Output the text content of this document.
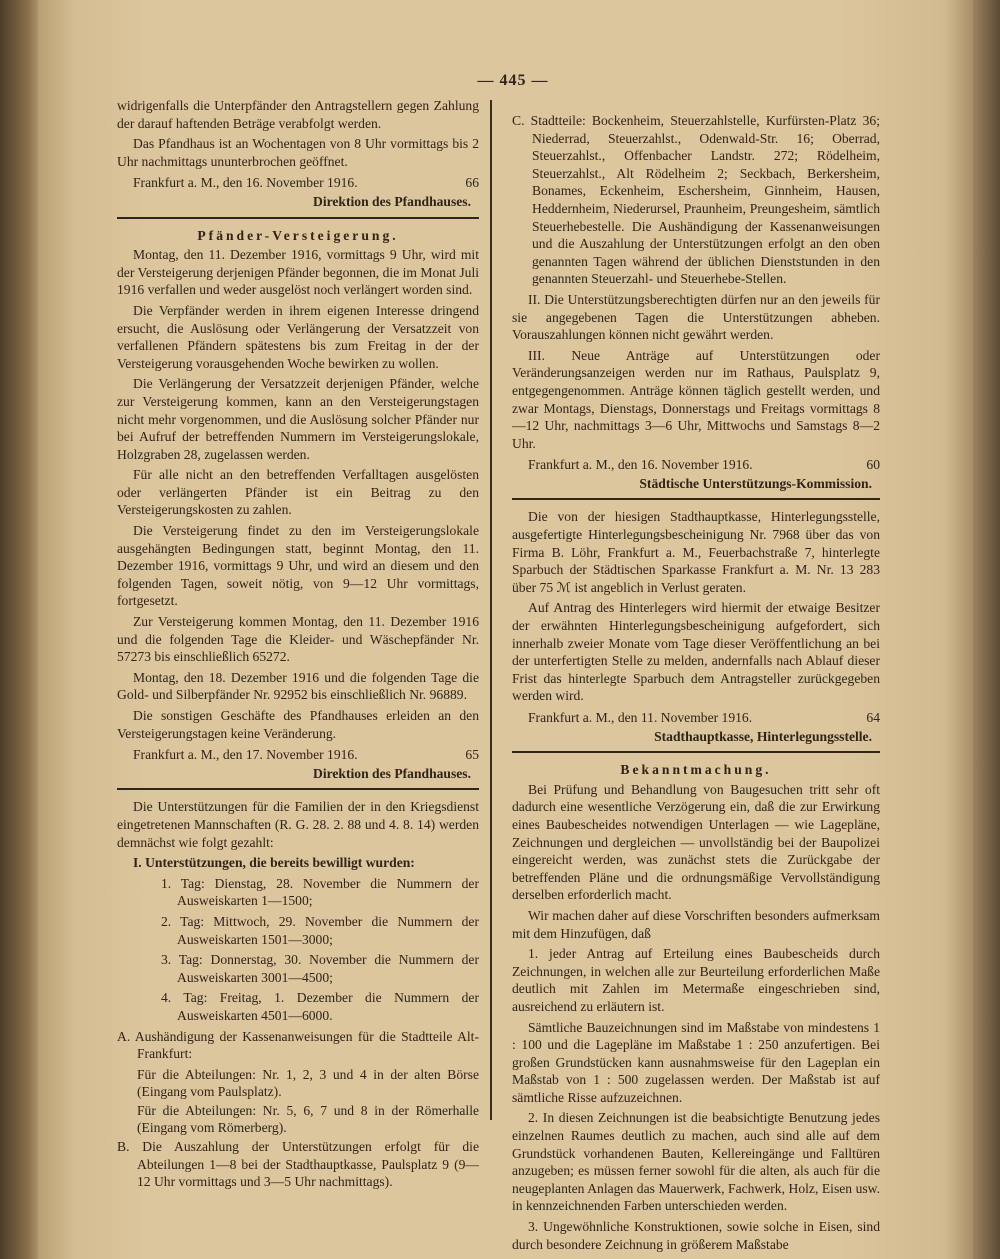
— 445 —

widrigenfalls die Unterpfänder den Antragstellern gegen Zahlung der darauf haftenden Beträge verabfolgt werden.

Das Pfandhaus ist an Wochentagen von 8 Uhr vormittags bis 2 Uhr nachmittags ununterbrochen geöffnet.

Frankfurt a. M., den 16. November 1916.	66

Direktion des Pfandhauses.

Pfänder-Versteigerung.

Montag, den 11. Dezember 1916, vormittags 9 Uhr, wird mit der Versteigerung derjenigen Pfänder begonnen, die im Monat Juli 1916 verfallen und weder ausgelöst noch verlängert worden sind.

Die Verpfänder werden in ihrem eigenen Interesse dringend ersucht, die Auslösung oder Verlängerung der Versatzzeit von verfallenen Pfändern spätestens bis zum Freitag in der der Versteigerung vorausgehenden Woche bewirken zu wollen.

Die Verlängerung der Versatzzeit derjenigen Pfänder, welche zur Versteigerung kommen, kann an den Versteigerungstagen nicht mehr vorgenommen, und die Auslösung solcher Pfänder nur bei Aufruf der betreffenden Nummern im Versteigerungslokale, Holzgraben 28, zugelassen werden.

Für alle nicht an den betreffenden Verfalltagen ausgelösten oder verlängerten Pfänder ist ein Beitrag zu den Versteigerungskosten zu zahlen.

Die Versteigerung findet zu den im Versteigerungslokale ausgehängten Bedingungen statt, beginnt Montag, den 11. Dezember 1916, vormittags 9 Uhr, und wird an diesem und den folgenden Tagen, soweit nötig, von 9—12 Uhr vormittags, fortgesetzt.

Zur Versteigerung kommen Montag, den 11. Dezember 1916 und die folgenden Tage die Kleider- und Wäschepfänder Nr. 57273 bis einschließlich 65272.

Montag, den 18. Dezember 1916 und die folgenden Tage die Gold- und Silberpfänder Nr. 92952 bis einschließlich Nr. 96889.

Die sonstigen Geschäfte des Pfandhauses erleiden an den Versteigerungstagen keine Veränderung.

Frankfurt a. M., den 17. November 1916.	65

Direktion des Pfandhauses.

Die Unterstützungen für die Familien der in den Kriegsdienst eingetretenen Mannschaften (R. G. 28. 2. 88 und 4. 8. 14) werden demnächst wie folgt gezahlt:

I. Unterstützungen, die bereits bewilligt wurden:

1. Tag: Dienstag, 28. November die Nummern der Ausweiskarten 1—1500;

2. Tag: Mittwoch, 29. November die Nummern der Ausweiskarten 1501—3000;

3. Tag: Donnerstag, 30. November die Nummern der Ausweiskarten 3001—4500;

4. Tag: Freitag, 1. Dezember die Nummern der Ausweiskarten 4501—6000.

A. Aushändigung der Kassenanweisungen für die Stadtteile Alt-Frankfurt:

Für die Abteilungen: Nr. 1, 2, 3 und 4 in der alten Börse (Eingang vom Paulsplatz).

Für die Abteilungen: Nr. 5, 6, 7 und 8 in der Römerhalle (Eingang vom Römerberg).

B. Die Auszahlung der Unterstützungen erfolgt für die Abteilungen 1—8 bei der Stadthauptkasse, Paulsplatz 9 (9—12 Uhr vormittags und 3—5 Uhr nachmittags).

C. Stadtteile: Bockenheim, Steuerzahlstelle, Kurfürsten-Platz 36; Niederrad, Steuerzahlst., Odenwald-Str. 16; Oberrad, Steuerzahlst., Offenbacher Landstr. 272; Rödelheim, Steuerzahlst., Alt Rödelheim 2; Seckbach, Berkersheim, Bonames, Eckenheim, Eschersheim, Ginnheim, Hausen, Heddernheim, Niederursel, Praunheim, Preungesheim, sämtlich Steuerhebestelle. Die Aushändigung der Kassenanweisungen und die Auszahlung der Unterstützungen erfolgt an den oben genannten Tagen während der üblichen Dienststunden in den genannten Steuerzahl- und Steuerhebe-Stellen.

II. Die Unterstützungsberechtigten dürfen nur an den jeweils für sie angegebenen Tagen die Unterstützungen abheben. Vorauszahlungen können nicht gewährt werden.

III. Neue Anträge auf Unterstützungen oder Veränderungsanzeigen werden nur im Rathaus, Paulsplatz 9, entgegengenommen. Anträge können täglich gestellt werden, und zwar Montags, Dienstags, Donnerstags und Freitags vormittags 8—12 Uhr, nachmittags 3—6 Uhr, Mittwochs und Samstags 8—2 Uhr.

Frankfurt a. M., den 16. November 1916.	60

Städtische Unterstützungs-Kommission.

Die von der hiesigen Stadthauptkasse, Hinterlegungsstelle, ausgefertigte Hinterlegungsbescheinigung Nr. 7968 über das von Firma B. Löhr, Frankfurt a. M., Feuerbachstraße 7, hinterlegte Sparbuch der Städtischen Sparkasse Frankfurt a. M. Nr. 13 283 über 75 ℳ ist angeblich in Verlust geraten.

Auf Antrag des Hinterlegers wird hiermit der etwaige Besitzer der erwähnten Hinterlegungsbescheinigung aufgefordert, sich innerhalb zweier Monate vom Tage dieser Veröffentlichung an bei der unterfertigten Stelle zu melden, andernfalls nach Ablauf dieser Frist das hinterlegte Sparbuch dem Antragsteller zurückgegeben werden wird.

Frankfurt a. M., den 11. November 1916.	64

Stadthauptkasse, Hinterlegungsstelle.

Bekanntmachung.

Bei Prüfung und Behandlung von Baugesuchen tritt sehr oft dadurch eine wesentliche Verzögerung ein, daß die zur Erwirkung eines Baubescheides notwendigen Unterlagen — wie Lagepläne, Zeichnungen und dergleichen — unvollständig bei der Baupolizei eingereicht werden, was zunächst stets die Zurückgabe der betreffenden Pläne und die ordnungsmäßige Vervollständigung derselben erforderlich macht.

Wir machen daher auf diese Vorschriften besonders aufmerksam mit dem Hinzufügen, daß

1. jeder Antrag auf Erteilung eines Baubescheids durch Zeichnungen, in welchen alle zur Beurteilung erforderlichen Maße deutlich mit Zahlen im Metermaße eingeschrieben sind, ausreichend zu erläutern ist.

Sämtliche Bauzeichnungen sind im Maßstabe von mindestens 1 : 100 und die Lagepläne im Maßstabe 1 : 250 anzufertigen. Bei großen Grundstücken kann ausnahmsweise für den Lageplan ein Maßstab von 1 : 500 zugelassen werden. Der Maßstab ist auf sämtliche Risse aufzuzeichnen.

2. In diesen Zeichnungen ist die beabsichtigte Benutzung jedes einzelnen Raumes deutlich zu machen, auch sind alle auf dem Grundstück vorhandenen Bauten, Kellereingänge und Falltüren anzugeben; es müssen ferner sowohl für die alten, als auch für die neugeplanten Anlagen das Mauerwerk, Fachwerk, Holz, Eisen usw. in kennzeichnenden Farben unterschieden werden.

3. Ungewöhnliche Konstruktionen, sowie solche in Eisen, sind durch besondere Zeichnung in größerem Maßstabe
